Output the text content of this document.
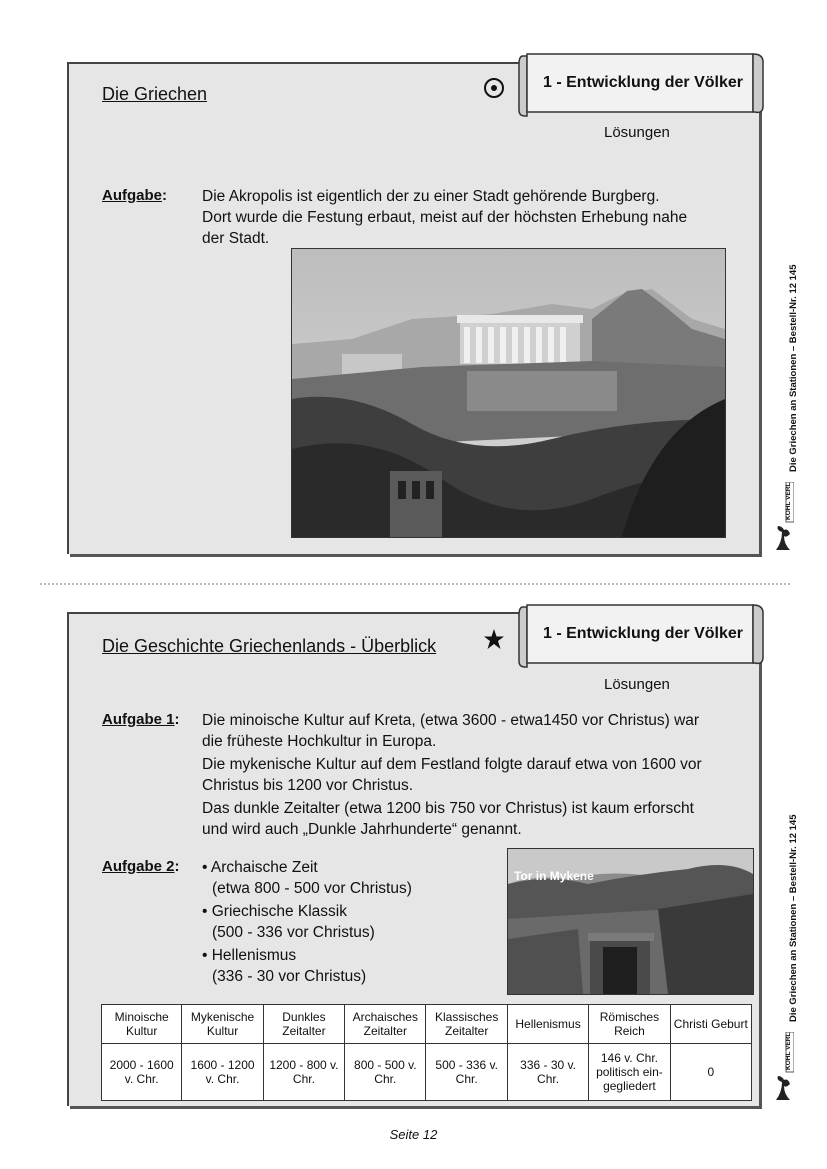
Die Griechen
1 - Entwicklung der Völker
Lösungen
Aufgabe: Die Akropolis ist eigentlich der zu einer Stadt gehörende Burgberg.
Dort wurde die Festung erbaut, meist auf der höchsten Erhebung nahe
der Stadt.
Die Griechen an Stationen – Bestell-Nr. 12 145
KOHL VERLAG
Die Geschichte Griechenlands - Überblick
1 - Entwicklung der Völker
Lösungen
Aufgabe 1: Die minoische Kultur auf Kreta, (etwa 3600 - etwa1450 vor Christus) war
die früheste Hochkultur in Europa.
Die mykenische Kultur auf dem Festland folgte darauf etwa von 1600 vor
Christus bis 1200 vor Christus.
Das dunkle Zeitalter (etwa 1200 bis 750 vor Christus) ist kaum erforscht
und wird auch „Dunkle Jahrhunderte“ genannt.
Aufgabe 2: • Archaische Zeit
(etwa 800 - 500 vor Christus)
• Griechische Klassik
(500 - 336 vor Christus)
• Hellenismus
(336 - 30 vor Christus)
Tor in Mykene
Minoische Kultur	Mykenische Kultur	Dunkles Zeitalter	Archaisches Zeitalter	Klassisches Zeitalter	Hellenismus	Römisches Reich	Christi Geburt
2000 - 1600 v. Chr.	1600 - 1200 v. Chr.	1200 - 800 v. Chr.	800 - 500 v. Chr.	500 - 336 v. Chr.	336 - 30 v. Chr.	146 v. Chr. politisch ein-gegliedert	0
Die Griechen an Stationen – Bestell-Nr. 12 145
KOHL VERLAG
Seite 12
